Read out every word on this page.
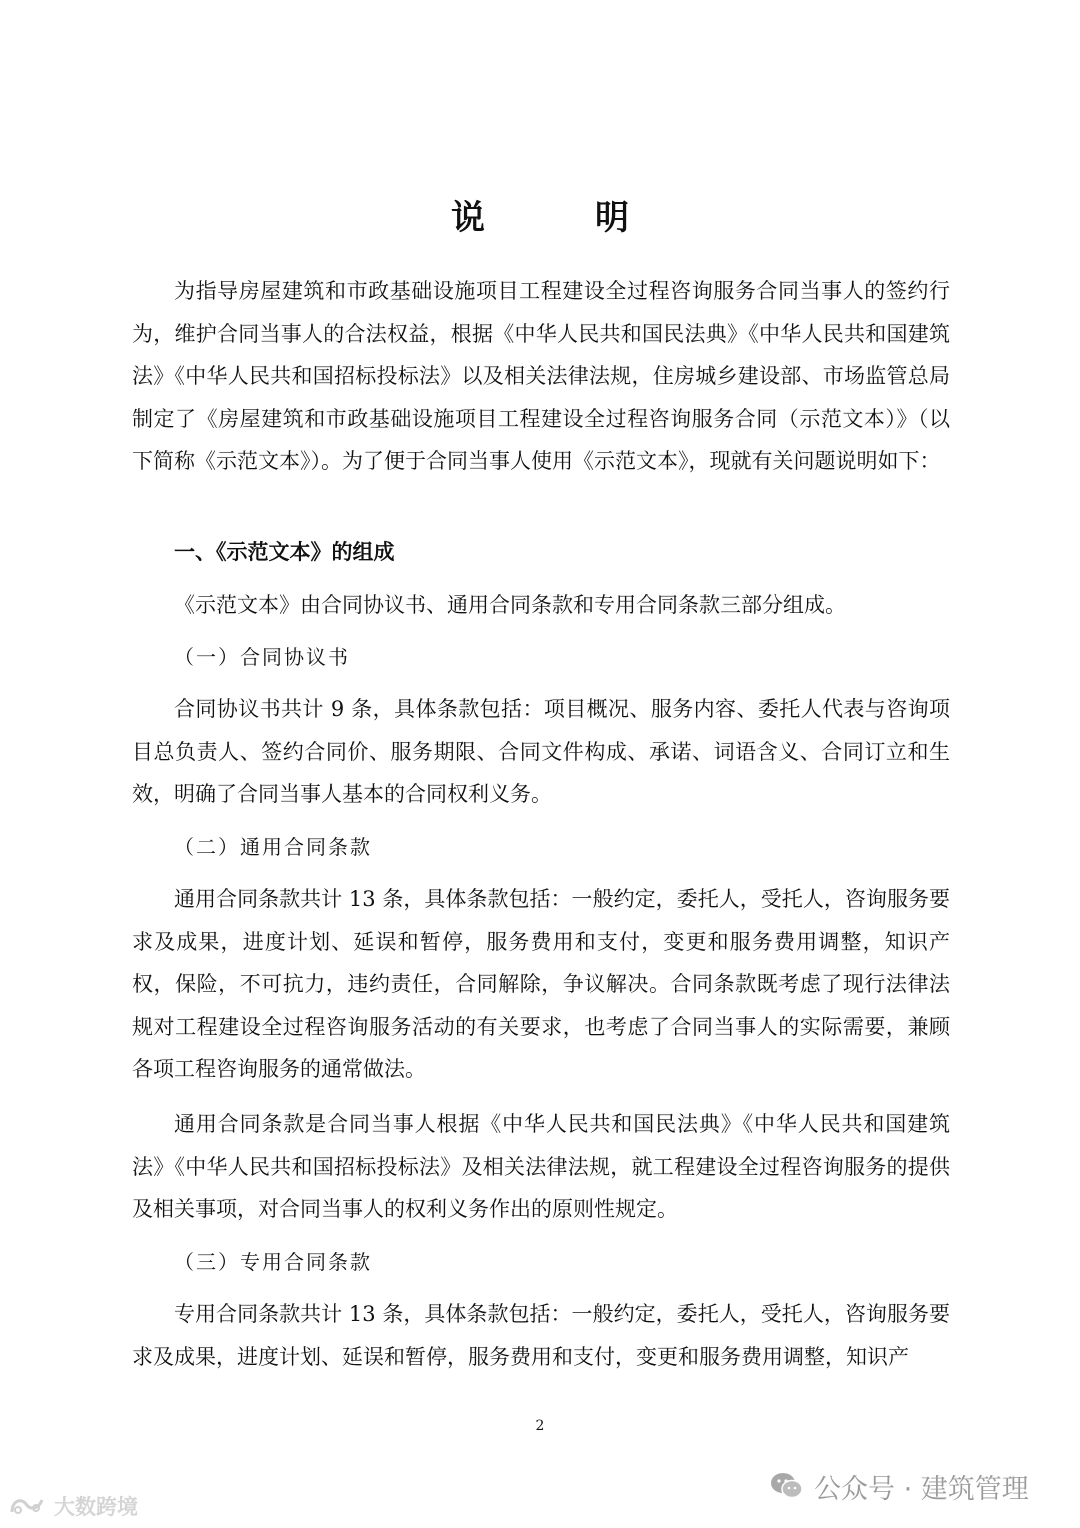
说　明

为指导房屋建筑和市政基础设施项目工程建设全过程咨询服务合同当事人的签约行为，维护合同当事人的合法权益，根据《中华人民共和国民法典》《中华人民共和国建筑法》《中华人民共和国招标投标法》以及相关法律法规，住房城乡建设部、市场监管总局制定了《房屋建筑和市政基础设施项目工程建设全过程咨询服务合同（示范文本）》（以下简称《示范文本》）。为了便于合同当事人使用《示范文本》，现就有关问题说明如下：

一、《示范文本》的组成

《示范文本》由合同协议书、通用合同条款和专用合同条款三部分组成。

（一）合同协议书

合同协议书共计 9 条，具体条款包括：项目概况、服务内容、委托人代表与咨询项目总负责人、签约合同价、服务期限、合同文件构成、承诺、词语含义、合同订立和生效，明确了合同当事人基本的合同权利义务。

（二）通用合同条款

通用合同条款共计 13 条，具体条款包括：一般约定，委托人，受托人，咨询服务要求及成果，进度计划、延误和暂停，服务费用和支付，变更和服务费用调整，知识产权，保险，不可抗力，违约责任，合同解除，争议解决。合同条款既考虑了现行法律法规对工程建设全过程咨询服务活动的有关要求，也考虑了合同当事人的实际需要，兼顾各项工程咨询服务的通常做法。

通用合同条款是合同当事人根据《中华人民共和国民法典》《中华人民共和国建筑法》《中华人民共和国招标投标法》及相关法律法规，就工程建设全过程咨询服务的提供及相关事项，对合同当事人的权利义务作出的原则性规定。

（三）专用合同条款

专用合同条款共计 13 条，具体条款包括：一般约定，委托人，受托人，咨询服务要求及成果，进度计划、延误和暂停，服务费用和支付，变更和服务费用调整，知识产

2
公众号 · 建筑管理
大数跨境
